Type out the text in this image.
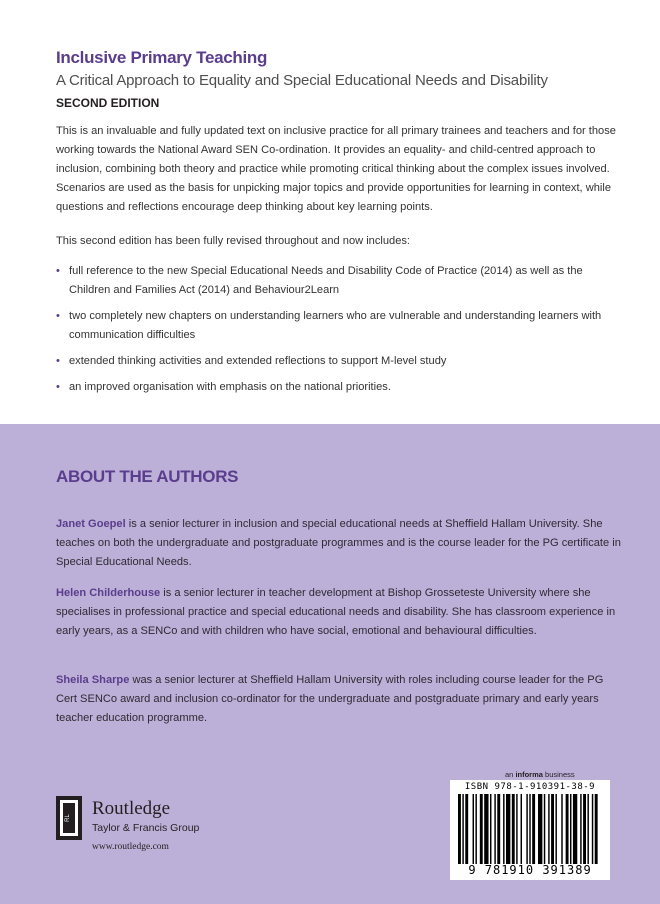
Inclusive Primary Teaching
A Critical Approach to Equality and Special Educational Needs and Disability
SECOND EDITION
This is an invaluable and fully updated text on inclusive practice for all primary trainees and teachers and for those working towards the National Award SEN Co-ordination. It provides an equality- and child-centred approach to inclusion, combining both theory and practice while promoting critical thinking about the complex issues involved. Scenarios are used as the basis for unpicking major topics and provide opportunities for learning in context, while questions and reflections encourage deep thinking about key learning points.
This second edition has been fully revised throughout and now includes:
• full reference to the new Special Educational Needs and Disability Code of Practice (2014) as well as the Children and Families Act (2014) and Behaviour2Learn
• two completely new chapters on understanding learners who are vulnerable and understanding learners with communication difficulties
• extended thinking activities and extended reflections to support M-level study
• an improved organisation with emphasis on the national priorities.
ABOUT THE AUTHORS
Janet Goepel is a senior lecturer in inclusion and special educational needs at Sheffield Hallam University. She teaches on both the undergraduate and postgraduate programmes and is the course leader for the PG certificate in Special Educational Needs.
Helen Childerhouse is a senior lecturer in teacher development at Bishop Grosseteste University where she specialises in professional practice and special educational needs and disability. She has classroom experience in early years, as a SENCo and with children who have social, emotional and behavioural difficulties.
Sheila Sharpe was a senior lecturer at Sheffield Hallam University with roles including course leader for the PG Cert SENCo award and inclusion co-ordinator for the undergraduate and postgraduate primary and early years teacher education programme.
RL Routledge
Taylor & Francis Group
www.routledge.com
an informa business
ISBN 978-1-910391-38-9
9 781910 391389
